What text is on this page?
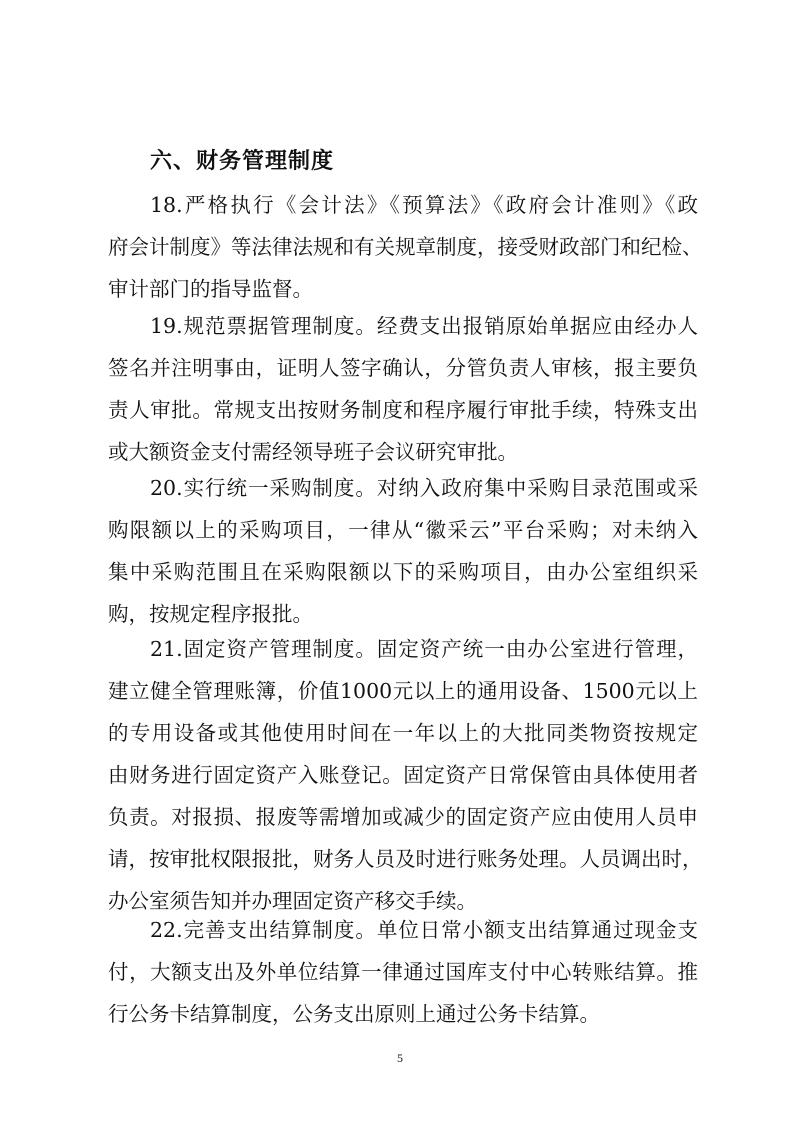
六、财务管理制度
18.严格执行《会计法》《预算法》《政府会计准则》《政
府会计制度》等法律法规和有关规章制度，接受财政部门和纪检、
审计部门的指导监督。
19.规范票据管理制度。经费支出报销原始单据应由经办人
签名并注明事由，证明人签字确认，分管负责人审核，报主要负
责人审批。常规支出按财务制度和程序履行审批手续，特殊支出
或大额资金支付需经领导班子会议研究审批。
20.实行统一采购制度。对纳入政府集中采购目录范围或采
购限额以上的采购项目，一律从“徽采云”平台采购；对未纳入
集中采购范围且在采购限额以下的采购项目，由办公室组织采
购，按规定程序报批。
21.固定资产管理制度。固定资产统一由办公室进行管理，
建立健全管理账簿，价值1000元以上的通用设备、1500元以上
的专用设备或其他使用时间在一年以上的大批同类物资按规定
由财务进行固定资产入账登记。固定资产日常保管由具体使用者
负责。对报损、报废等需增加或减少的固定资产应由使用人员申
请，按审批权限报批，财务人员及时进行账务处理。人员调出时，
办公室须告知并办理固定资产移交手续。
22.完善支出结算制度。单位日常小额支出结算通过现金支
付，大额支出及外单位结算一律通过国库支付中心转账结算。推
行公务卡结算制度，公务支出原则上通过公务卡结算。
5
